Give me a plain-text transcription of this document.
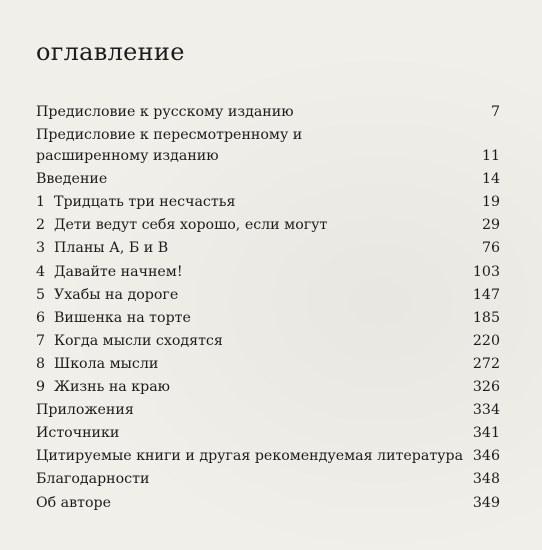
оглавление
Предисловие к русскому изданию	7
Предисловие к пересмотренному и расширенному изданию	11
Введение	14
1 Тридцать три несчастья	19
2 Дети ведут себя хорошо, если могут	29
3 Планы А, Б и В	76
4 Давайте начнем!	103
5 Ухабы на дороге	147
6 Вишенка на торте	185
7 Когда мысли сходятся	220
8 Школа мысли	272
9 Жизнь на краю	326
Приложения	334
Источники	341
Цитируемые книги и другая рекомендуемая литература 346
Благодарности	348
Об авторе	349
